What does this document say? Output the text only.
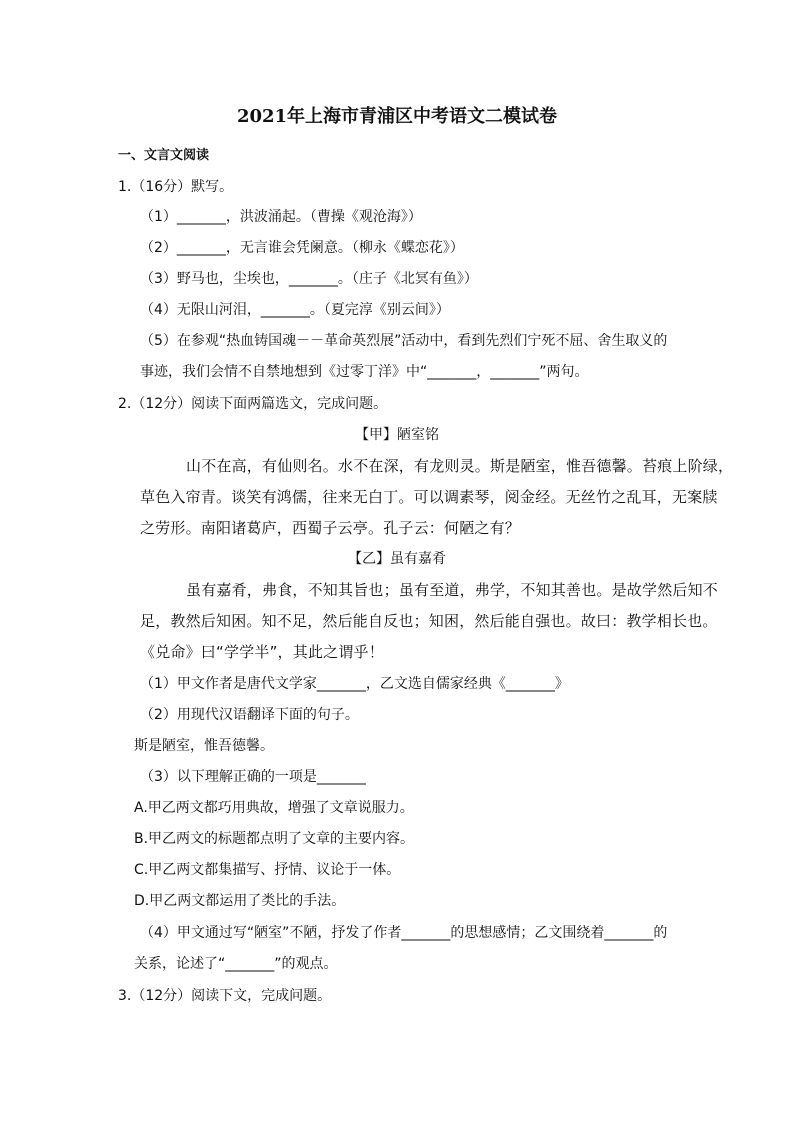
2021年上海市青浦区中考语文二模试卷
一、文言文阅读
1.（16分）默写。
（1）_______，洪波涌起。（曹操《观沧海》）
（2）_______，无言谁会凭阑意。（柳永《蝶恋花》）
（3）野马也，尘埃也，_______。（庄子《北冥有鱼》）
（4）无限山河泪，_______。（夏完淳《别云间》）
（5）在参观“热血铸国魂－－革命英烈展”活动中，看到先烈们宁死不屈、舍生取义的
事迹，我们会情不自禁地想到《过零丁洋》中“_______，_______”两句。
2.（12分）阅读下面两篇选文，完成问题。
【甲】陋室铭
山不在高，有仙则名。水不在深，有龙则灵。斯是陋室，惟吾德馨。苔痕上阶绿，
草色入帘青。谈笑有鸿儒，往来无白丁。可以调素琴，阅金经。无丝竹之乱耳，无案牍
之劳形。南阳诸葛庐，西蜀子云亭。孔子云：何陋之有？
【乙】虽有嘉肴
虽有嘉肴，弗食，不知其旨也；虽有至道，弗学，不知其善也。是故学然后知不
足，教然后知困。知不足，然后能自反也；知困，然后能自强也。故曰：教学相长也。
《兑命》曰“学学半”，其此之谓乎！
（1）甲文作者是唐代文学家_______，乙文选自儒家经典《_______》
（2）用现代汉语翻译下面的句子。
斯是陋室，惟吾德馨。
（3）以下理解正确的一项是_______
A.甲乙两文都巧用典故，增强了文章说服力。
B.甲乙两文的标题都点明了文章的主要内容。
C.甲乙两文都集描写、抒情、议论于一体。
D.甲乙两文都运用了类比的手法。
（4）甲文通过写“陋室”不陋，抒发了作者_______的思想感情；乙文围绕着_______的
关系，论述了“_______”的观点。
3.（12分）阅读下文，完成问题。
